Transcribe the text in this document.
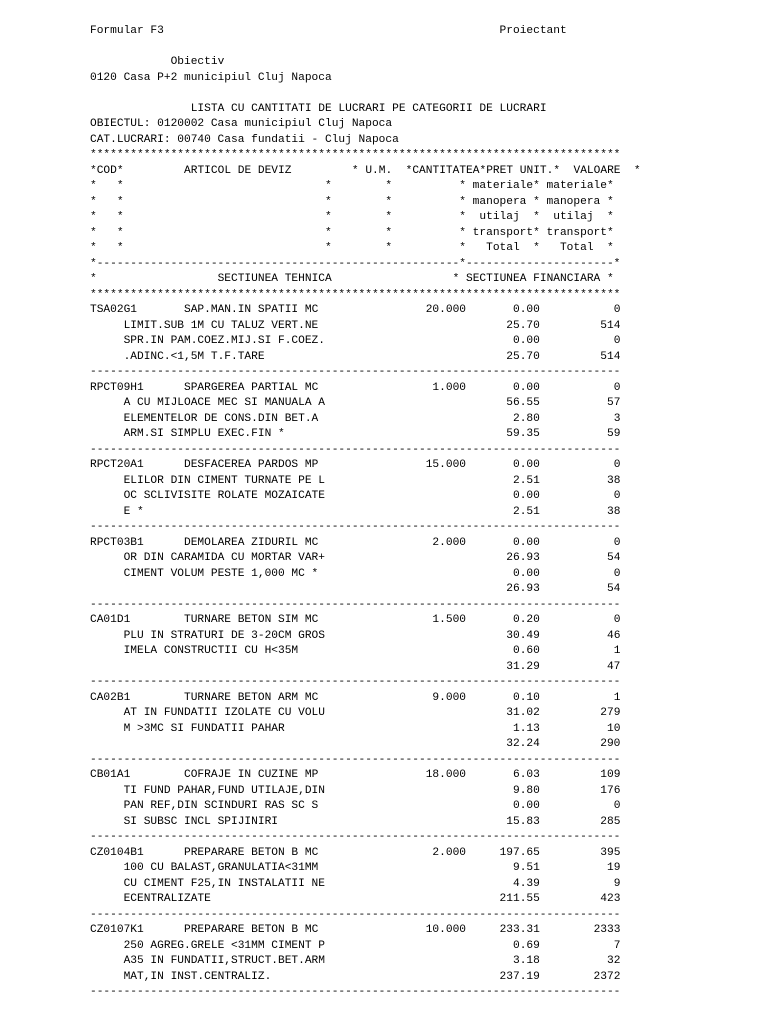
Formular F3	Proiectant

Obiectiv
0120 Casa P+2 municipiul Cluj Napoca

LISTA CU CANTITATI DE LUCRARI PE CATEGORII DE LUCRARI
OBIECTUL: 0120002 Casa municipiul Cluj Napoca
CAT.LUCRARI: 00740 Casa fundatii - Cluj Napoca
*******************************************************************************
*COD*	ARTICOL DE DEVIZ	* U.M.  *CANTITATEA*PRET UNIT.*  VALOARE  *
*   *                              *        *          * materiale* materiale*
*   *                              *        *          * manopera * manopera *
*   *                              *        *          *  utilaj  *  utilaj  *
*   *                              *        *          * transport* transport*
*   *                              *        *          *   Total  *   Total  *
*------------------------------------------------------*----------------------*
*	SECTIUNEA TEHNICA                  * SECTIUNEA FINANCIARA *
*******************************************************************************
TSA02G1       SAP.MAN.IN SPATII MC                20.000       0.00           0
LIMIT.SUB 1M CU TALUZ VERT.NE                            25.70         514
SPR.IN PAM.COEZ.MIJ.SI F.COEZ.                            0.00           0
.ADINC.<1,5M T.F.TARE                                    25.70         514
-------------------------------------------------------------------------------
RPCT09H1      SPARGEREA PARTIAL MC                 1.000       0.00           0
A CU MIJLOACE MEC SI MANUALA A                           56.55          57
ELEMENTELOR DE CONS.DIN BET.A                             2.80           3
ARM.SI SIMPLU EXEC.FIN *                                 59.35          59
-------------------------------------------------------------------------------
RPCT20A1      DESFACEREA PARDOS MP                15.000       0.00           0
ELILOR DIN CIMENT TURNATE PE L                            2.51          38
OC SCLIVISITE ROLATE MOZAICATE                            0.00           0
E *                                                       2.51          38
-------------------------------------------------------------------------------
RPCT03B1      DEMOLAREA ZIDURIL MC                 2.000       0.00           0
OR DIN CARAMIDA CU MORTAR VAR+                           26.93          54
CIMENT VOLUM PESTE 1,000 MC *                             0.00           0
26.93          54
-------------------------------------------------------------------------------
CA01D1        TURNARE BETON SIM MC                 1.500       0.20           0
PLU IN STRATURI DE 3-20CM GROS                           30.49          46
IMELA CONSTRUCTII CU H<35M                                0.60           1
31.29          47
-------------------------------------------------------------------------------
CA02B1        TURNARE BETON ARM MC                 9.000       0.10           1
AT IN FUNDATII IZOLATE CU VOLU                           31.02         279
M >3MC SI FUNDATII PAHAR                                  1.13          10
32.24         290
-------------------------------------------------------------------------------
CB01A1        COFRAJE IN CUZINE MP                18.000       6.03         109
TI FUND PAHAR,FUND UTILAJE,DIN                            9.80         176
PAN REF,DIN SCINDURI RAS SC S                             0.00           0
SI SUBSC INCL SPIJINIRI                                  15.83         285
-------------------------------------------------------------------------------
CZ0104B1      PREPARARE BETON B MC                 2.000     197.65         395
100 CU BALAST,GRANULATIA<31MM                             9.51          19
CU CIMENT F25,IN INSTALATII NE                            4.39           9
ECENTRALIZATE                                           211.55         423
-------------------------------------------------------------------------------
CZ0107K1      PREPARARE BETON B MC                10.000     233.31        2333
250 AGREG.GRELE <31MM CIMENT P                            0.69           7
A35 IN FUNDATII,STRUCT.BET.ARM                            3.18          32
MAT,IN INST.CENTRALIZ.                                  237.19        2372
-------------------------------------------------------------------------------
